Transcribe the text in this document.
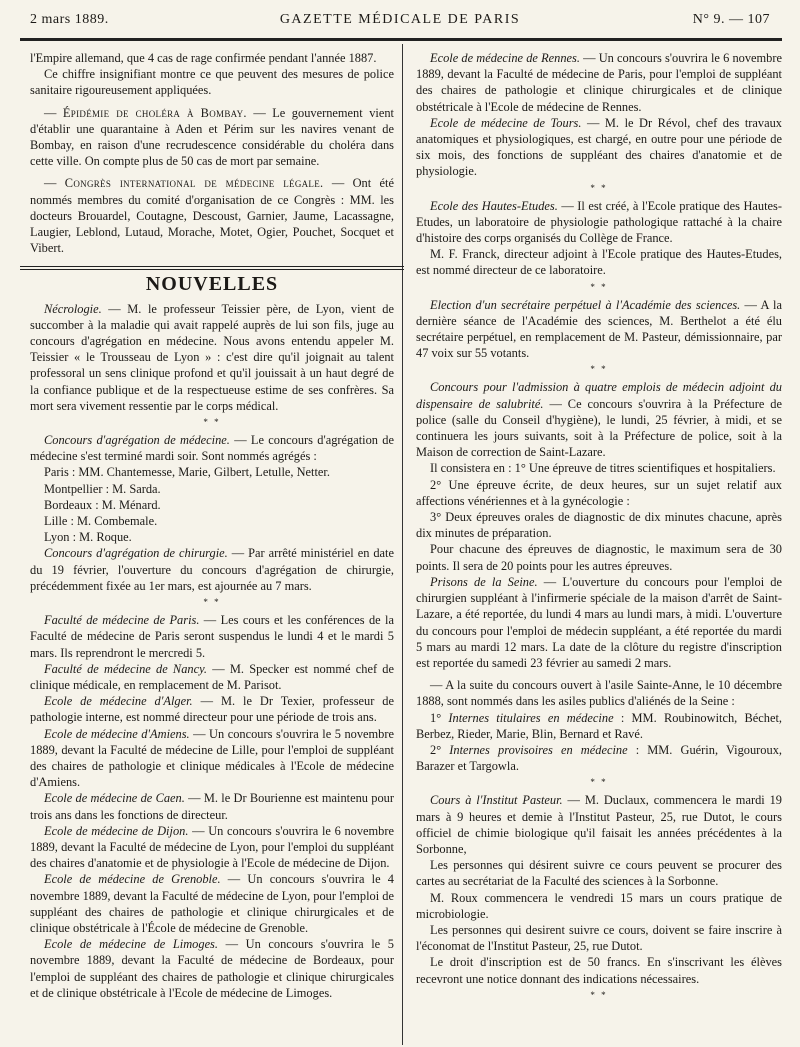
2 mars 1889.	GAZETTE MÉDICALE DE PARIS	N° 9. — 107

l'Empire allemand, que 4 cas de rage confirmée pendant l'année 1887.

Ce chiffre insignifiant montre ce que peuvent des mesures de police sanitaire rigoureusement appliquées.

— Épidémie de choléra à Bombay. — Le gouvernement vient d'établir une quarantaine à Aden et Périm sur les navires venant de Bombay, en raison d'une recrudescence considérable du choléra dans cette ville. On compte plus de 50 cas de mort par semaine.

— Congrès international de médecine légale. — Ont été nommés membres du comité d'organisation de ce Congrès : MM. les docteurs Brouardel, Coutagne, Descoust, Garnier, Jaume, Lacassagne, Laugier, Leblond, Lutaud, Morache, Motet, Ogier, Pouchet, Socquet et Vibert.

NOUVELLES

Nécrologie. — M. le professeur Teissier père, de Lyon, vient de succomber à la maladie qui avait rappelé auprès de lui son fils, juge au concours d'agrégation en médecine. Nous avons entendu appeler M. Teissier « le Trousseau de Lyon » : c'est dire qu'il joignait au talent professoral un sens clinique profond et qu'il jouissait à un haut degré de la confiance publique et de la respectueuse estime de ses confrères. Sa mort sera vivement ressentie par le corps médical.

* *

Concours d'agrégation de médecine. — Le concours d'agrégation de médecine s'est terminé mardi soir. Sont nommés agrégés :

Paris : MM. Chantemesse, Marie, Gilbert, Letulle, Netter.

Montpellier : M. Sarda.

Bordeaux : M. Ménard.

Lille : M. Combemale.

Lyon : M. Roque.

Concours d'agrégation de chirurgie. — Par arrêté ministériel en date du 19 février, l'ouverture du concours d'agrégation de chirurgie, précédemment fixée au 1er mars, est ajournée au 7 mars.

* *

Faculté de médecine de Paris. — Les cours et les conférences de la Faculté de médecine de Paris seront suspendus le lundi 4 et le mardi 5 mars. Ils reprendront le mercredi 5.

Faculté de médecine de Nancy. — M. Specker est nommé chef de clinique médicale, en remplacement de M. Parisot.

Ecole de médecine d'Alger. — M. le Dr Texier, professeur de pathologie interne, est nommé directeur pour une période de trois ans.

Ecole de médecine d'Amiens. — Un concours s'ouvrira le 5 novembre 1889, devant la Faculté de médecine de Lille, pour l'emploi de suppléant des chaires de pathologie et clinique médicales à l'Ecole de médecine d'Amiens.

Ecole de médecine de Caen. — M. le Dr Bourienne est maintenu pour trois ans dans les fonctions de directeur.

Ecole de médecine de Dijon. — Un concours s'ouvrira le 6 novembre 1889, devant la Faculté de médecine de Lyon, pour l'emploi du suppléant des chaires d'anatomie et de physiologie à l'Ecole de médecine de Dijon.

Ecole de médecine de Grenoble. — Un concours s'ouvrira le 4 novembre 1889, devant la Faculté de médecine de Lyon, pour l'emploi de suppléant des chaires de pathologie et clinique chirurgicales et de clinique obstétricale à l'École de médecine de Grenoble.

Ecole de médecine de Limoges. — Un concours s'ouvrira le 5 novembre 1889, devant la Faculté de médecine de Bordeaux, pour l'emploi de suppléant des chaires de pathologie et clinique chirurgicales et de clinique obstétricale à l'Ecole de médecine de Limoges.

Ecole de médecine de Rennes. — Un concours s'ouvrira le 6 novembre 1889, devant la Faculté de médecine de Paris, pour l'emploi de suppléant des chaires de pathologie et clinique chirurgicales et de clinique obstétricale à l'Ecole de médecine de Rennes.

Ecole de médecine de Tours. — M. le Dr Révol, chef des travaux anatomiques et physiologiques, est chargé, en outre pour une période de six mois, des fonctions de suppléant des chaires d'anatomie et de physiologie.

* *

Ecole des Hautes-Etudes. — Il est créé, à l'Ecole pratique des Hautes-Etudes, un laboratoire de physiologie pathologique rattaché à la chaire d'histoire des corps organisés du Collège de France.

M. F. Franck, directeur adjoint à l'Ecole pratique des Hautes-Etudes, est nommé directeur de ce laboratoire.

* *

Election d'un secrétaire perpétuel à l'Académie des sciences. — A la dernière séance de l'Académie des sciences, M. Berthelot a été élu secrétaire perpétuel, en remplacement de M. Pasteur, démissionnaire, par 47 voix sur 55 votants.

* *

Concours pour l'admission à quatre emplois de médecin adjoint du dispensaire de salubrité. — Ce concours s'ouvrira à la Préfecture de police (salle du Conseil d'hygiène), le lundi, 25 février, à midi, et se continuera les jours suivants, soit à la Préfecture de police, soit à la Maison de correction de Saint-Lazare.

Il consistera en : 1° Une épreuve de titres scientifiques et hospitaliers.

2° Une épreuve écrite, de deux heures, sur un sujet relatif aux affections vénériennes et à la gynécologie :

3° Deux épreuves orales de diagnostic de dix minutes chacune, après dix minutes de préparation.

Pour chacune des épreuves de diagnostic, le maximum sera de 30 points. Il sera de 20 points pour les autres épreuves.

Prisons de la Seine. — L'ouverture du concours pour l'emploi de chirurgien suppléant à l'infirmerie spéciale de la maison d'arrêt de Saint-Lazare, a été reportée, du lundi 4 mars au lundi mars, à midi. L'ouverture du concours pour l'emploi de médecin suppléant, a été reportée du mardi 5 mars au mardi 12 mars. La date de la clôture du registre d'inscription est reportée du samedi 23 février au samedi 2 mars.

— A la suite du concours ouvert à l'asile Sainte-Anne, le 10 décembre 1888, sont nommés dans les asiles publics d'aliénés de la Seine :

1° Internes titulaires en médecine : MM. Roubinowitch, Béchet, Berbez, Rieder, Marie, Blin, Bernard et Ravé.

2° Internes provisoires en médecine : MM. Guérin, Vigouroux, Barazer et Targowla.

* *

Cours à l'Institut Pasteur. — M. Duclaux, commencera le mardi 19 mars à 9 heures et demie à l'Institut Pasteur, 25, rue Dutot, le cours officiel de chimie biologique qu'il faisait les années précédentes à la Sorbonne,

Les personnes qui désirent suivre ce cours peuvent se procurer des cartes au secrétariat de la Faculté des sciences à la Sorbonne.

M. Roux commencera le vendredi 15 mars un cours pratique de microbiologie.

Les personnes qui desirent suivre ce cours, doivent se faire inscrire à l'économat de l'Institut Pasteur, 25, rue Dutot.

Le droit d'inscription est de 50 francs. En s'inscrivant les élèves recevront une notice donnant des indications nécessaires.

* *
